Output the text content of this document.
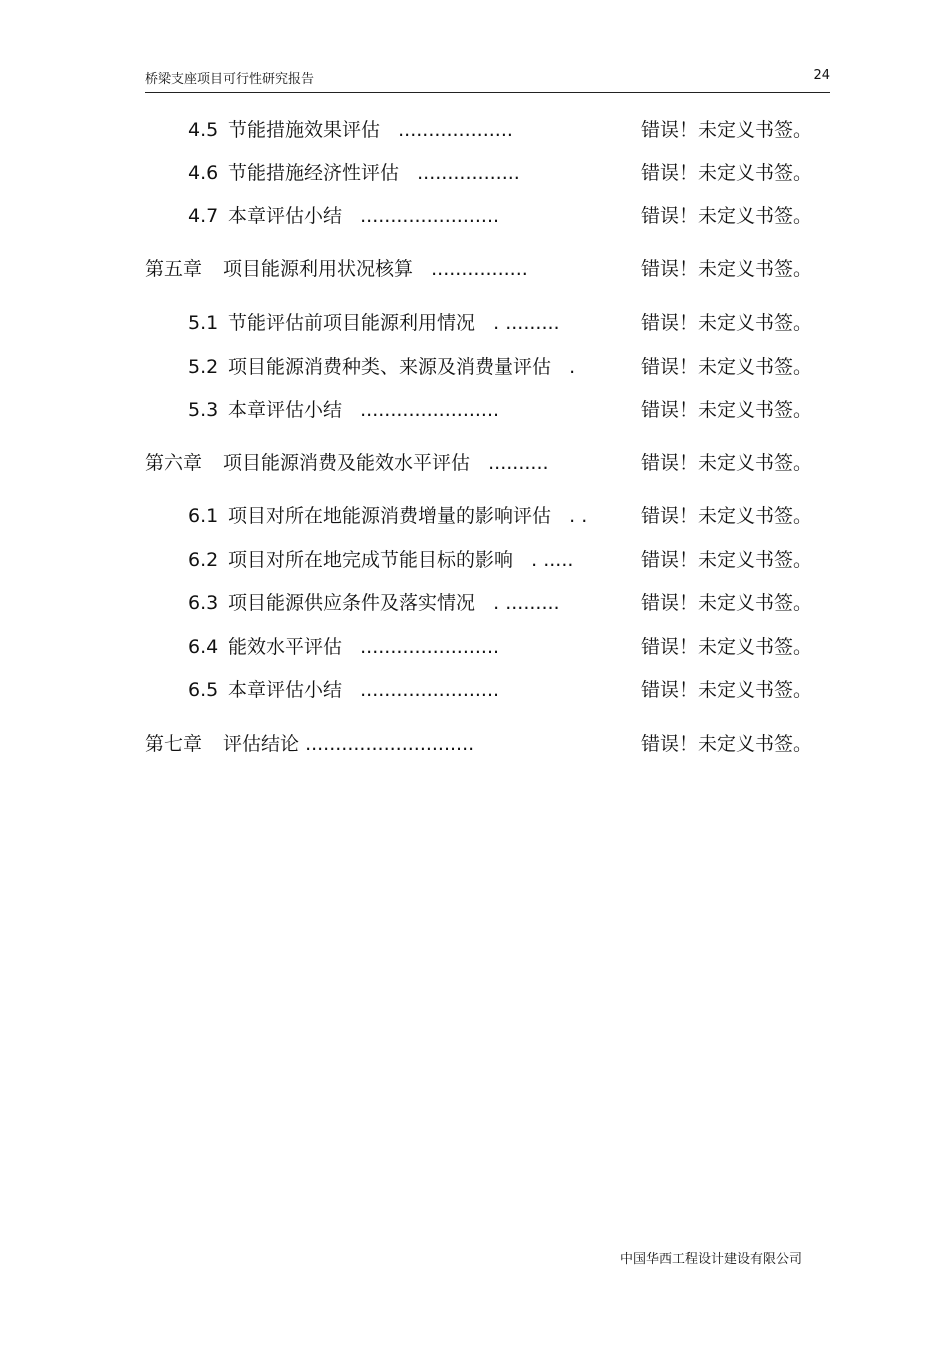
桥梁支座项目可行性研究报告	24
4.5 节能措施效果评估 ...................	错误！未定义书签。
4.6 节能措施经济性评估 .................	错误！未定义书签。
4.7 本章评估小结 .......................	错误！未定义书签。
第五章 项目能源利用状况核算 ................	错误！未定义书签。
5.1 节能评估前项目能源利用情况 . .........	错误！未定义书签。
5.2 项目能源消费种类、来源及消费量评估 .	错误！未定义书签。
5.3 本章评估小结 .......................	错误！未定义书签。
第六章 项目能源消费及能效水平评估 ..........	错误！未定义书签。
6.1 项目对所在地能源消费增量的影响评估 . .	错误！未定义书签。
6.2 项目对所在地完成节能目标的影响 . .....	错误！未定义书签。
6.3 项目能源供应条件及落实情况 . .........	错误！未定义书签。
6.4 能效水平评估 .......................	错误！未定义书签。
6.5 本章评估小结 .......................	错误！未定义书签。
第七章 评估结论 ............................	错误！未定义书签。
中国华西工程设计建设有限公司
